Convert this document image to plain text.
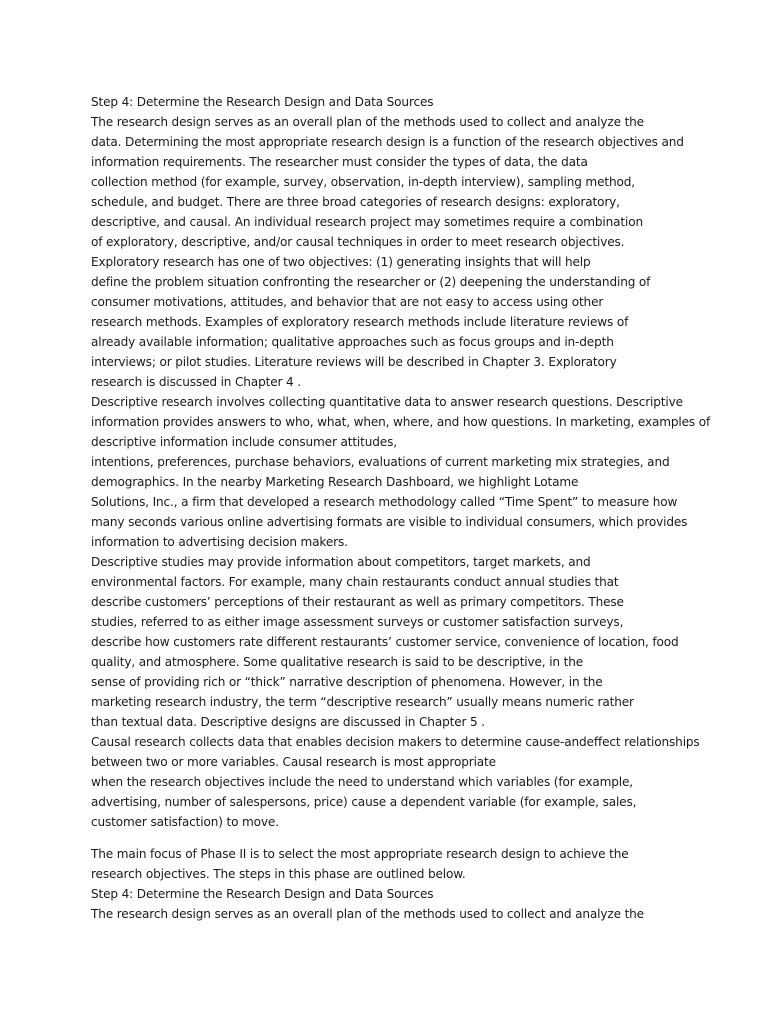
Step 4: Determine the Research Design and Data Sources
The research design serves as an overall plan of the methods used to collect and analyze the
data. Determining the most appropriate research design is a function of the research objectives and
information requirements. The researcher must consider the types of data, the data
collection method (for example, survey, observation, in-depth interview), sampling method,
schedule, and budget. There are three broad categories of research designs: exploratory,
descriptive, and causal. An individual research project may sometimes require a combination
of exploratory, descriptive, and/or causal techniques in order to meet research objectives.
Exploratory research has one of two objectives: (1) generating insights that will help
define the problem situation confronting the researcher or (2) deepening the understanding of
consumer motivations, attitudes, and behavior that are not easy to access using other
research methods. Examples of exploratory research methods include literature reviews of
already available information; qualitative approaches such as focus groups and in-depth
interviews; or pilot studies. Literature reviews will be described in Chapter 3. Exploratory
research is discussed in Chapter 4 .
Descriptive research involves collecting quantitative data to answer research questions. Descriptive
information provides answers to who, what, when, where, and how questions. In marketing, examples of
descriptive information include consumer attitudes,
intentions, preferences, purchase behaviors, evaluations of current marketing mix strategies, and
demographics. In the nearby Marketing Research Dashboard, we highlight Lotame
Solutions, Inc., a firm that developed a research methodology called “Time Spent” to measure how
many seconds various online advertising formats are visible to individual consumers, which provides
information to advertising decision makers.
Descriptive studies may provide information about competitors, target markets, and
environmental factors. For example, many chain restaurants conduct annual studies that
describe customers’ perceptions of their restaurant as well as primary competitors. These
studies, referred to as either image assessment surveys or customer satisfaction surveys,
describe how customers rate different restaurants’ customer service, convenience of location, food
quality, and atmosphere. Some qualitative research is said to be descriptive, in the
sense of providing rich or “thick” narrative description of phenomena. However, in the
marketing research industry, the term “descriptive research” usually means numeric rather
than textual data. Descriptive designs are discussed in Chapter 5 .
Causal research collects data that enables decision makers to determine cause-andeffect relationships
between two or more variables. Causal research is most appropriate
when the research objectives include the need to understand which variables (for example,
advertising, number of salespersons, price) cause a dependent variable (for example, sales,
customer satisfaction) to move.
The main focus of Phase II is to select the most appropriate research design to achieve the
research objectives. The steps in this phase are outlined below.
Step 4: Determine the Research Design and Data Sources
The research design serves as an overall plan of the methods used to collect and analyze the
